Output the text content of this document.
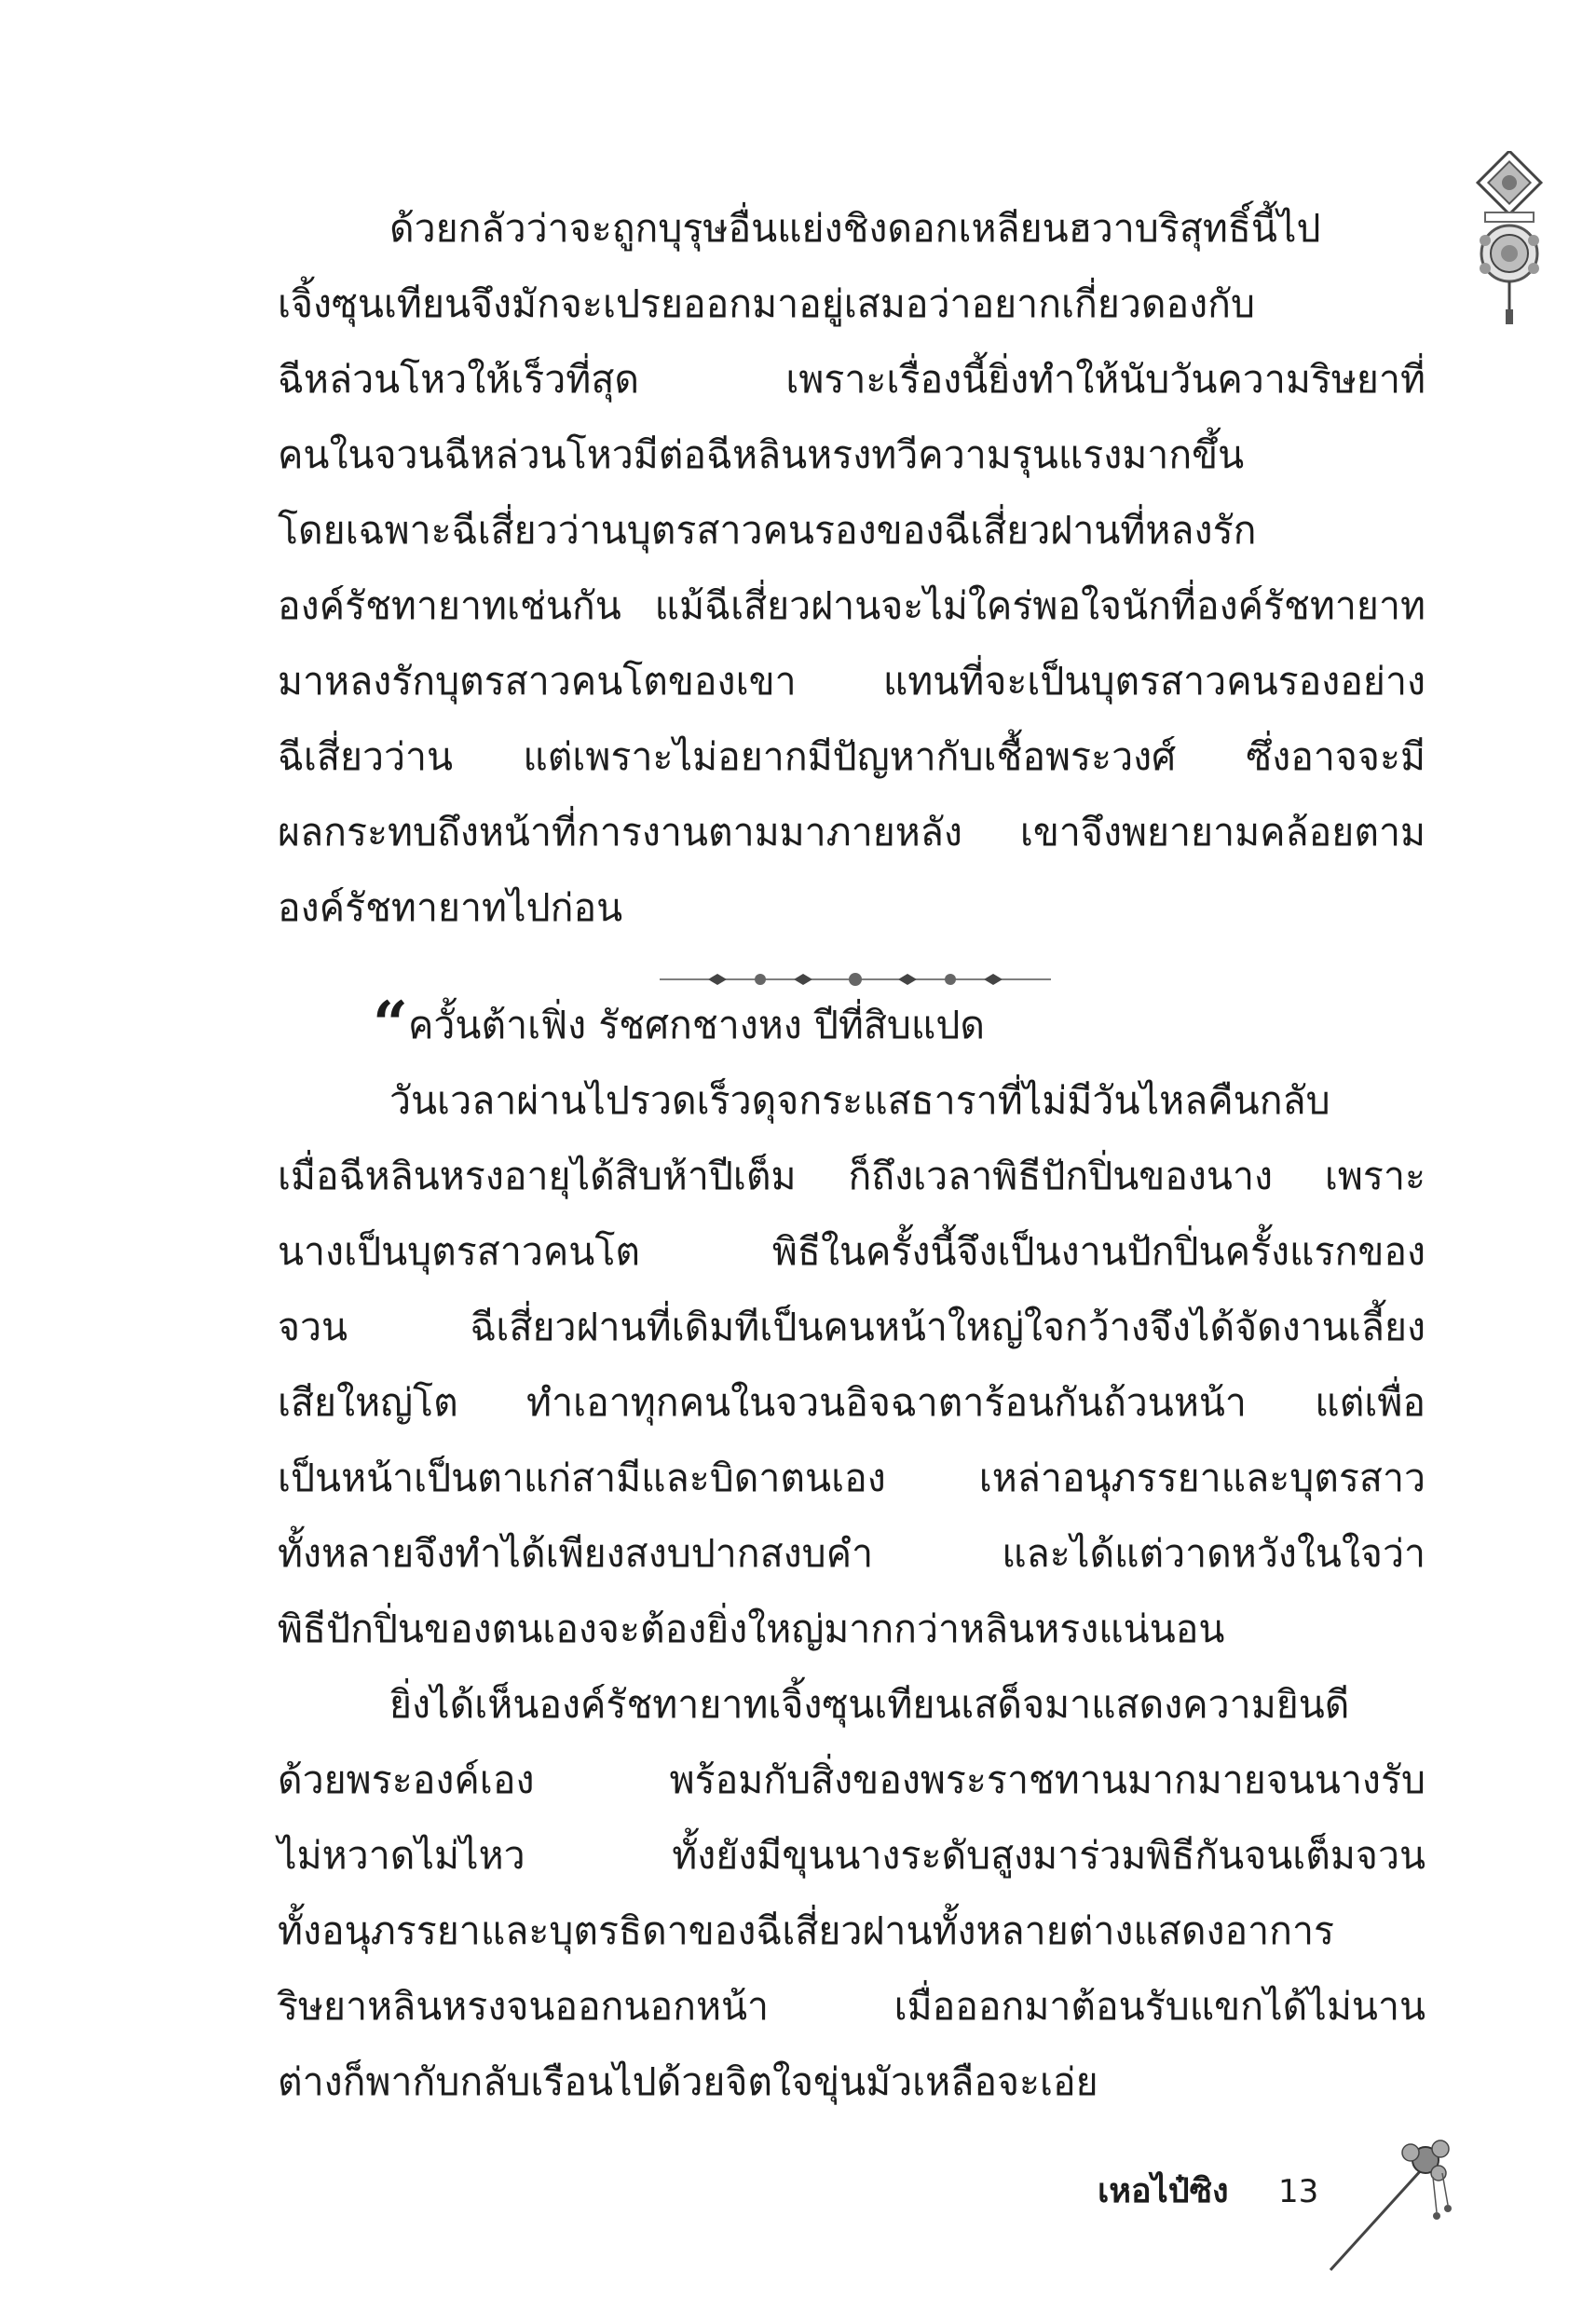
ด้วยกลัวว่าจะถูกบุรุษอื่นแย่งชิงดอกเหลียนฮวาบริสุทธิ์นี้ไป
เจิ้งซุนเทียนจึงมักจะเปรยออกมาอยู่เสมอว่าอยากเกี่ยวดองกับ
ฉีหล่วนโหวให้เร็วที่สุด เพราะเรื่องนี้ยิ่งทำให้นับวันความริษยาที่
คนในจวนฉีหล่วนโหวมีต่อฉีหลินหรงทวีความรุนแรงมากขึ้น
โดยเฉพาะฉีเสี่ยวว่านบุตรสาวคนรองของฉีเสี่ยวฝานที่หลงรัก
องค์รัชทายาทเช่นกัน แม้ฉีเสี่ยวฝานจะไม่ใคร่พอใจนักที่องค์รัชทายาท
มาหลงรักบุตรสาวคนโตของเขา แทนที่จะเป็นบุตรสาวคนรองอย่าง
ฉีเสี่ยวว่าน แต่เพราะไม่อยากมีปัญหากับเชื้อพระวงศ์ ซึ่งอาจจะมี
ผลกระทบถึงหน้าที่การงานตามมาภายหลัง เขาจึงพยายามคล้อยตาม
องค์รัชทายาทไปก่อน
“ ควั้นต้าเฟิ่ง รัชศกชางหง ปีที่สิบแปด
วันเวลาผ่านไปรวดเร็วดุจกระแสธาราที่ไม่มีวันไหลคืนกลับ
เมื่อฉีหลินหรงอายุได้สิบห้าปีเต็ม ก็ถึงเวลาพิธีปักปิ่นของนาง เพราะ
นางเป็นบุตรสาวคนโต พิธีในครั้งนี้จึงเป็นงานปักปิ่นครั้งแรกของ
จวน ฉีเสี่ยวฝานที่เดิมทีเป็นคนหน้าใหญ่ใจกว้างจึงได้จัดงานเลี้ยง
เสียใหญ่โต ทำเอาทุกคนในจวนอิจฉาตาร้อนกันถ้วนหน้า แต่เพื่อ
เป็นหน้าเป็นตาแก่สามีและบิดาตนเอง เหล่าอนุภรรยาและบุตรสาว
ทั้งหลายจึงทำได้เพียงสงบปากสงบคำ และได้แต่วาดหวังในใจว่า
พิธีปักปิ่นของตนเองจะต้องยิ่งใหญ่มากกว่าหลินหรงแน่นอน
ยิ่งได้เห็นองค์รัชทายาทเจิ้งซุนเทียนเสด็จมาแสดงความยินดี
ด้วยพระองค์เอง พร้อมกับสิ่งของพระราชทานมากมายจนนางรับ
ไม่หวาดไม่ไหว ทั้งยังมีขุนนางระดับสูงมาร่วมพิธีกันจนเต็มจวน
ทั้งอนุภรรยาและบุตรธิดาของฉีเสี่ยวฝานทั้งหลายต่างแสดงอาการ
ริษยาหลินหรงจนออกนอกหน้า เมื่อออกมาต้อนรับแขกได้ไม่นาน
ต่างก็พากับกลับเรือนไปด้วยจิตใจขุ่นมัวเหลือจะเอ่ย
เหอไป๋ซิง 13
